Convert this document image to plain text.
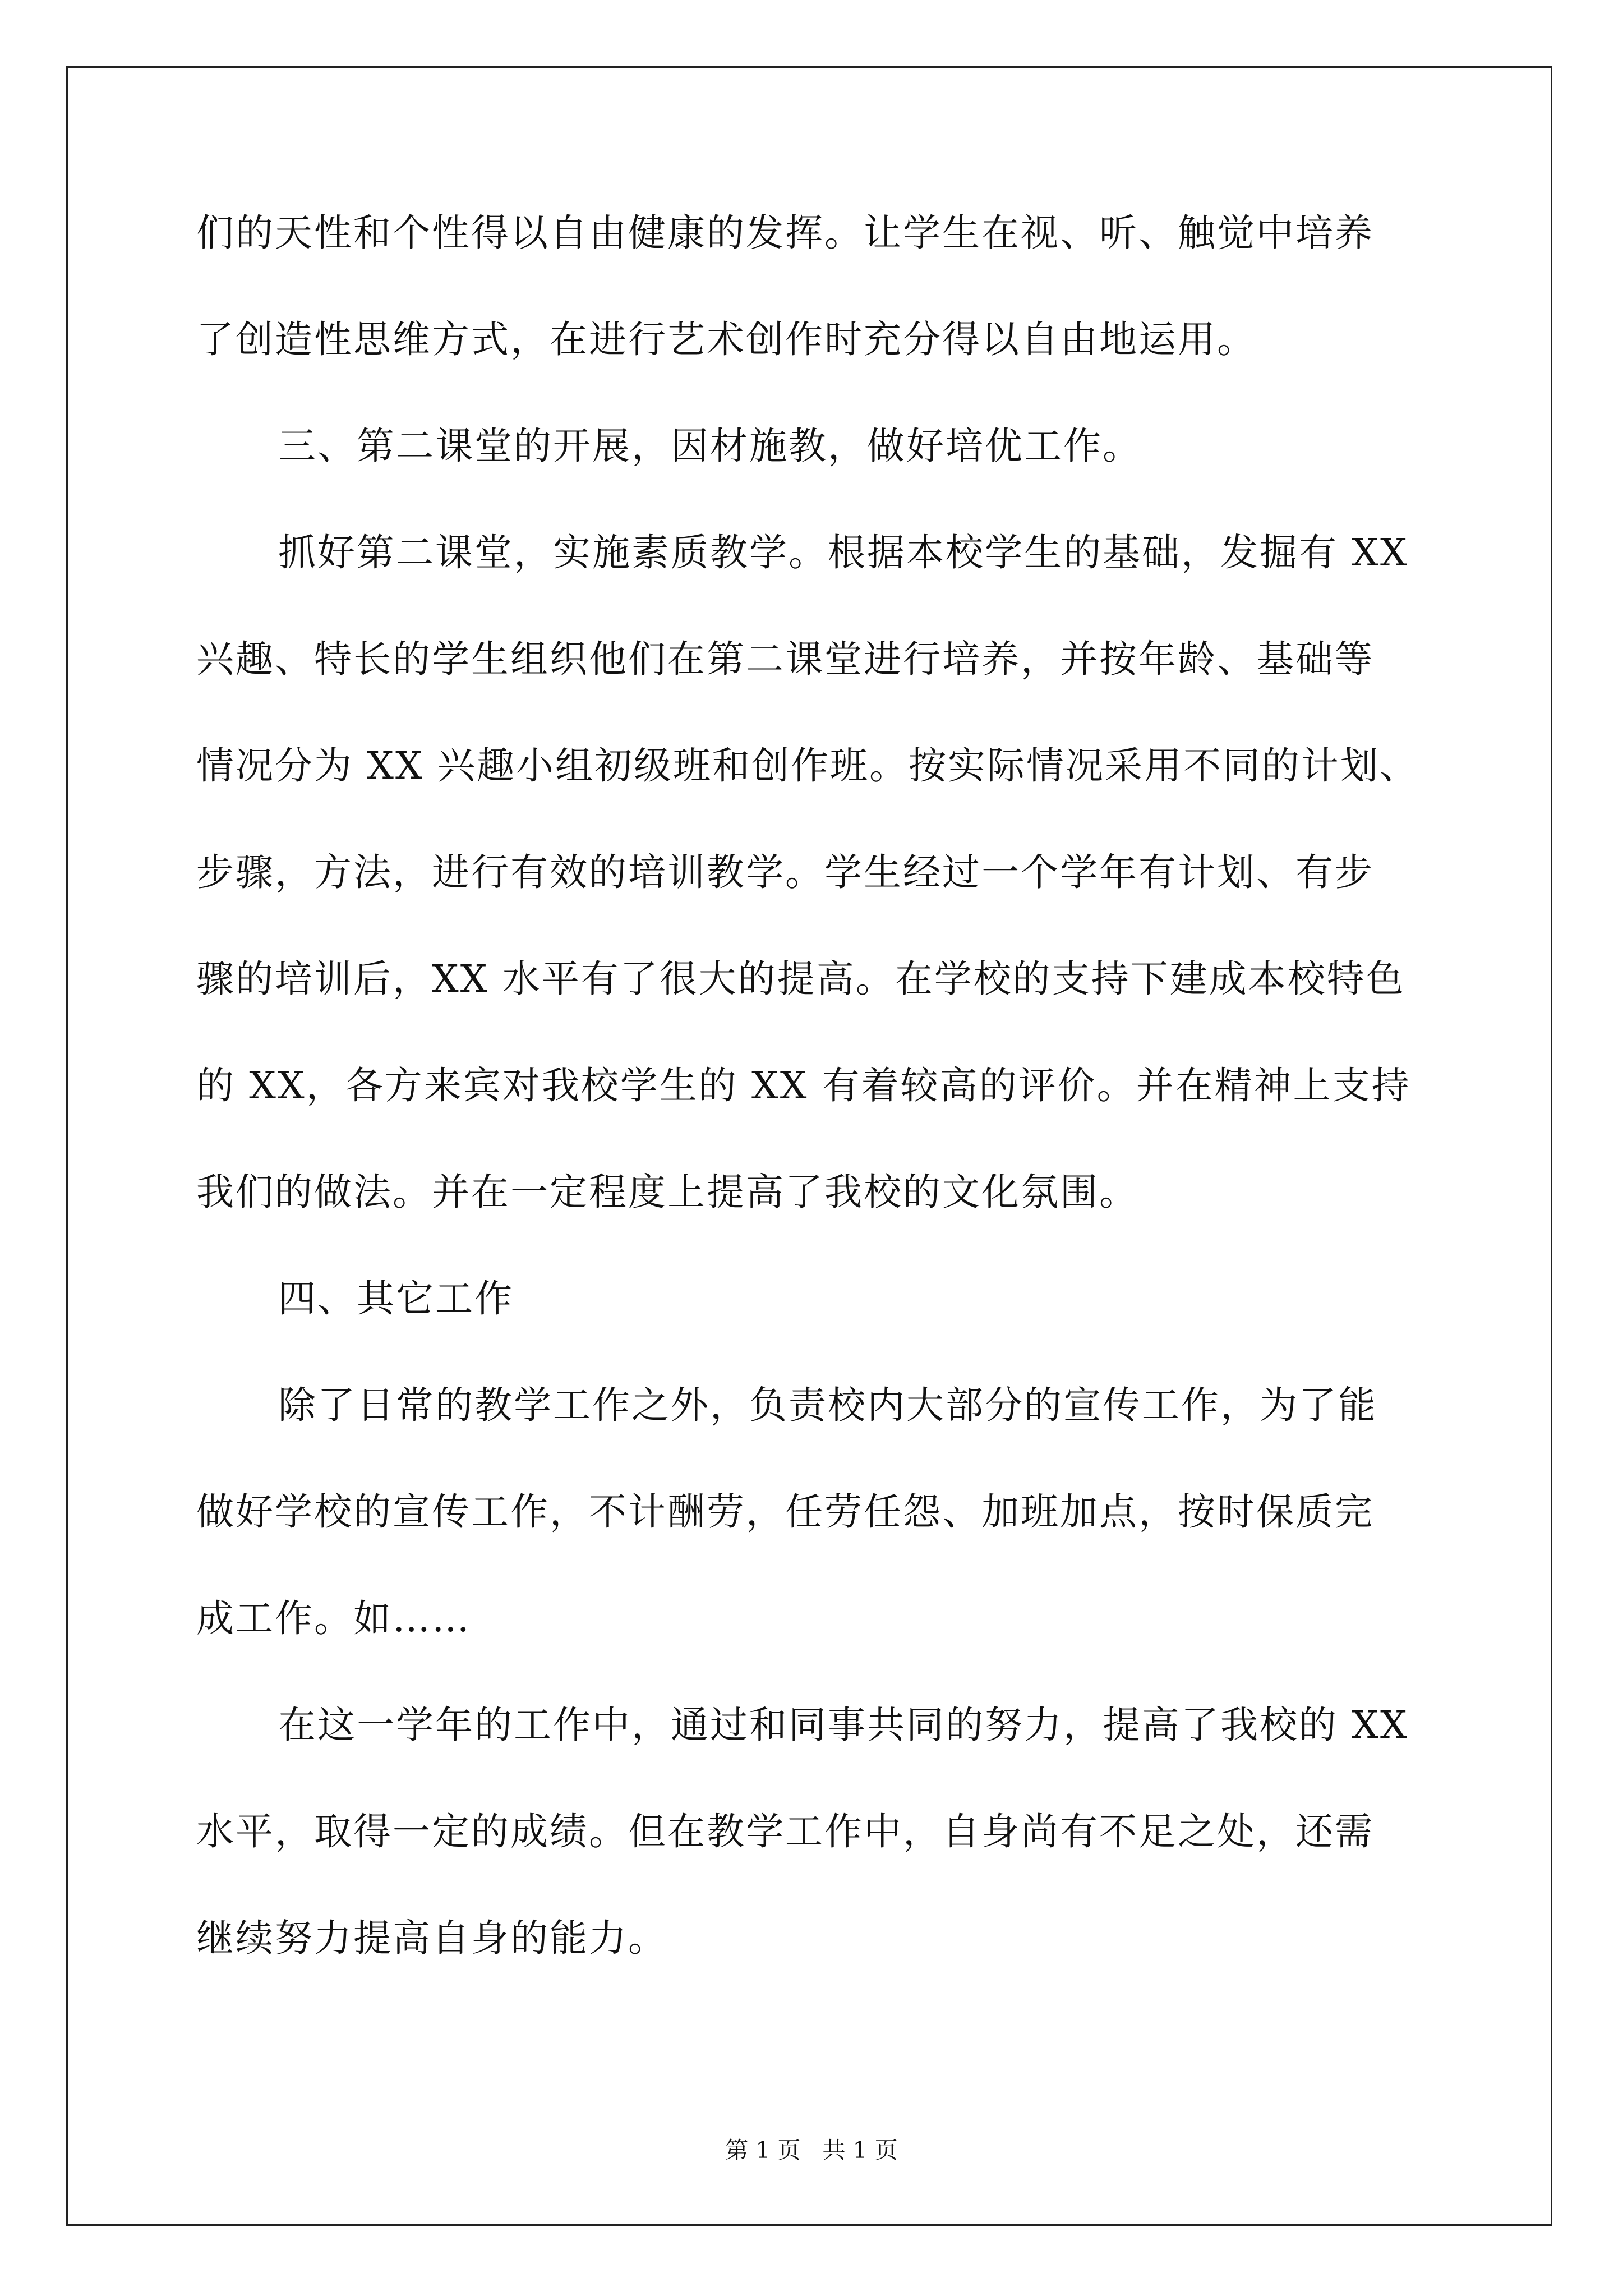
们的天性和个性得以自由健康的发挥。让学生在视、听、触觉中培养
了创造性思维方式，在进行艺术创作时充分得以自由地运用。
三、第二课堂的开展，因材施教，做好培优工作。
抓好第二课堂，实施素质教学。根据本校学生的基础，发掘有 XX
兴趣、特长的学生组织他们在第二课堂进行培养，并按年龄、基础等
情况分为 XX 兴趣小组初级班和创作班。按实际情况采用不同的计划、
步骤，方法，进行有效的培训教学。学生经过一个学年有计划、有步
骤的培训后，XX 水平有了很大的提高。在学校的支持下建成本校特色
的 XX，各方来宾对我校学生的 XX 有着较高的评价。并在精神上支持
我们的做法。并在一定程度上提高了我校的文化氛围。
四、其它工作
除了日常的教学工作之外，负责校内大部分的宣传工作，为了能
做好学校的宣传工作，不计酬劳，任劳任怨、加班加点，按时保质完
成工作。如……
在这一学年的工作中，通过和同事共同的努力，提高了我校的 XX
水平，取得一定的成绩。但在教学工作中，自身尚有不足之处，还需
继续努力提高自身的能力。
第 1 页   共 1 页
